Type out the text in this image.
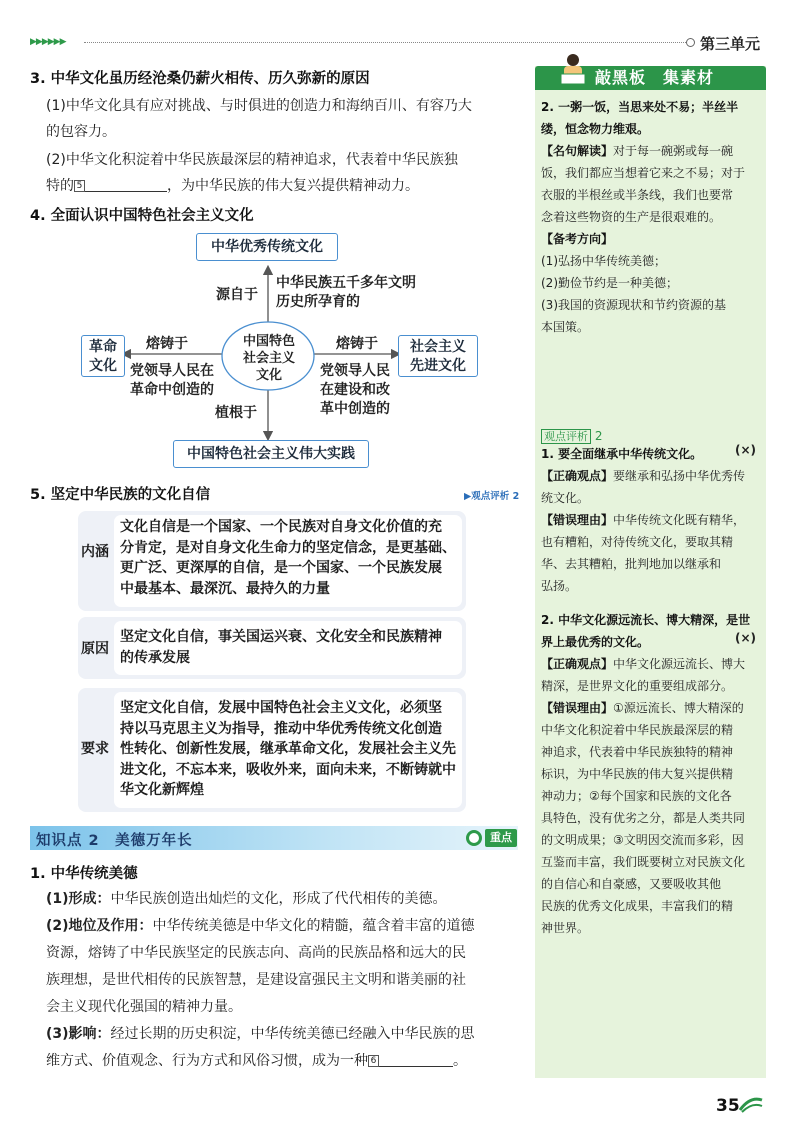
▶▶▶▶▶▶	第三单元
3. 中华文化虽历经沧桑仍薪火相传、历久弥新的原因
(1)中华文化具有应对挑战、与时俱进的创造力和海纳百川、有容乃大
的包容力。
(2)中华文化积淀着中华民族最深层的精神追求，代表着中华民族独
特的 5	，为中华民族的伟大复兴提供精神动力。
4. 全面认识中国特色社会主义文化
中华优秀传统文化
中国特色
社会主义
文化
革命
文化
社会主义
先进文化
中国特色社会主义伟大实践
源自于
中华民族五千多年文明
历史所孕育的
熔铸于
党领导人民在
革命中创造的
熔铸于
党领导人民
在建设和改
革中创造的
植根于
5. 坚定中华民族的文化自信	▶观点评析 2
内涵
文化自信是一个国家、一个民族对自身文化价值的充
分肯定，是对自身文化生命力的坚定信念，是更基础、
更广泛、更深厚的自信，是一个国家、一个民族发展
中最基本、最深沉、最持久的力量
原因
坚定文化自信，事关国运兴衰、文化安全和民族精神
的传承发展
要求
坚定文化自信，发展中国特色社会主义文化，必须坚
持以马克思主义为指导，推动中华优秀传统文化创造
性转化、创新性发展，继承革命文化，发展社会主义先
进文化，不忘本来，吸收外来，面向未来，不断铸就中
华文化新辉煌
知识点 2　美德万年长	重点
1. 中华传统美德
(1)形成：中华民族创造出灿烂的文化，形成了代代相传的美德。
(2)地位及作用：中华传统美德是中华文化的精髓，蕴含着丰富的道德
资源，熔铸了中华民族坚定的民族志向、高尚的民族品格和远大的民
族理想，是世代相传的民族智慧，是建设富强民主文明和谐美丽的社
会主义现代化强国的精神力量。
(3)影响：经过长期的历史积淀，中华传统美德已经融入中华民族的思
维方式、价值观念、行为方式和风俗习惯，成为一种 6	。
敲黑板　集素材
2. 一粥一饭，当思来处不易；半丝半
缕，恒念物力维艰。
【名句解读】对于每一碗粥或每一碗
饭，我们都应当想着它来之不易；对于
衣服的半根丝或半条线，我们也要常
念着这些物资的生产是很艰难的。
【备考方向】
(1)弘扬中华传统美德；
(2)勤俭节约是一种美德；
(3)我国的资源现状和节约资源的基
本国策。
观点评析 2
1. 要全面继承中华传统文化。
【正确观点】要继承和弘扬中华优秀传
统文化。
【错误理由】中华传统文化既有精华，
也有糟粕，对待传统文化，要取其精
华、去其糟粕，批判地加以继承和
弘扬。
(×)
2. 中华文化源远流长、博大精深，是世
界上最优秀的文化。
【正确观点】中华文化源远流长、博大
精深，是世界文化的重要组成部分。
【错误理由】①源远流长、博大精深的
中华文化积淀着中华民族最深层的精
神追求，代表着中华民族独特的精神
标识，为中华民族的伟大复兴提供精
神动力；②每个国家和民族的文化各
具特色，没有优劣之分，都是人类共同
的文明成果；③文明因交流而多彩，因
互鉴而丰富，我们既要树立对民族文化
的自信心和自豪感，又要吸收其他
民族的优秀文化成果，丰富我们的精
神世界。
(×)
35
